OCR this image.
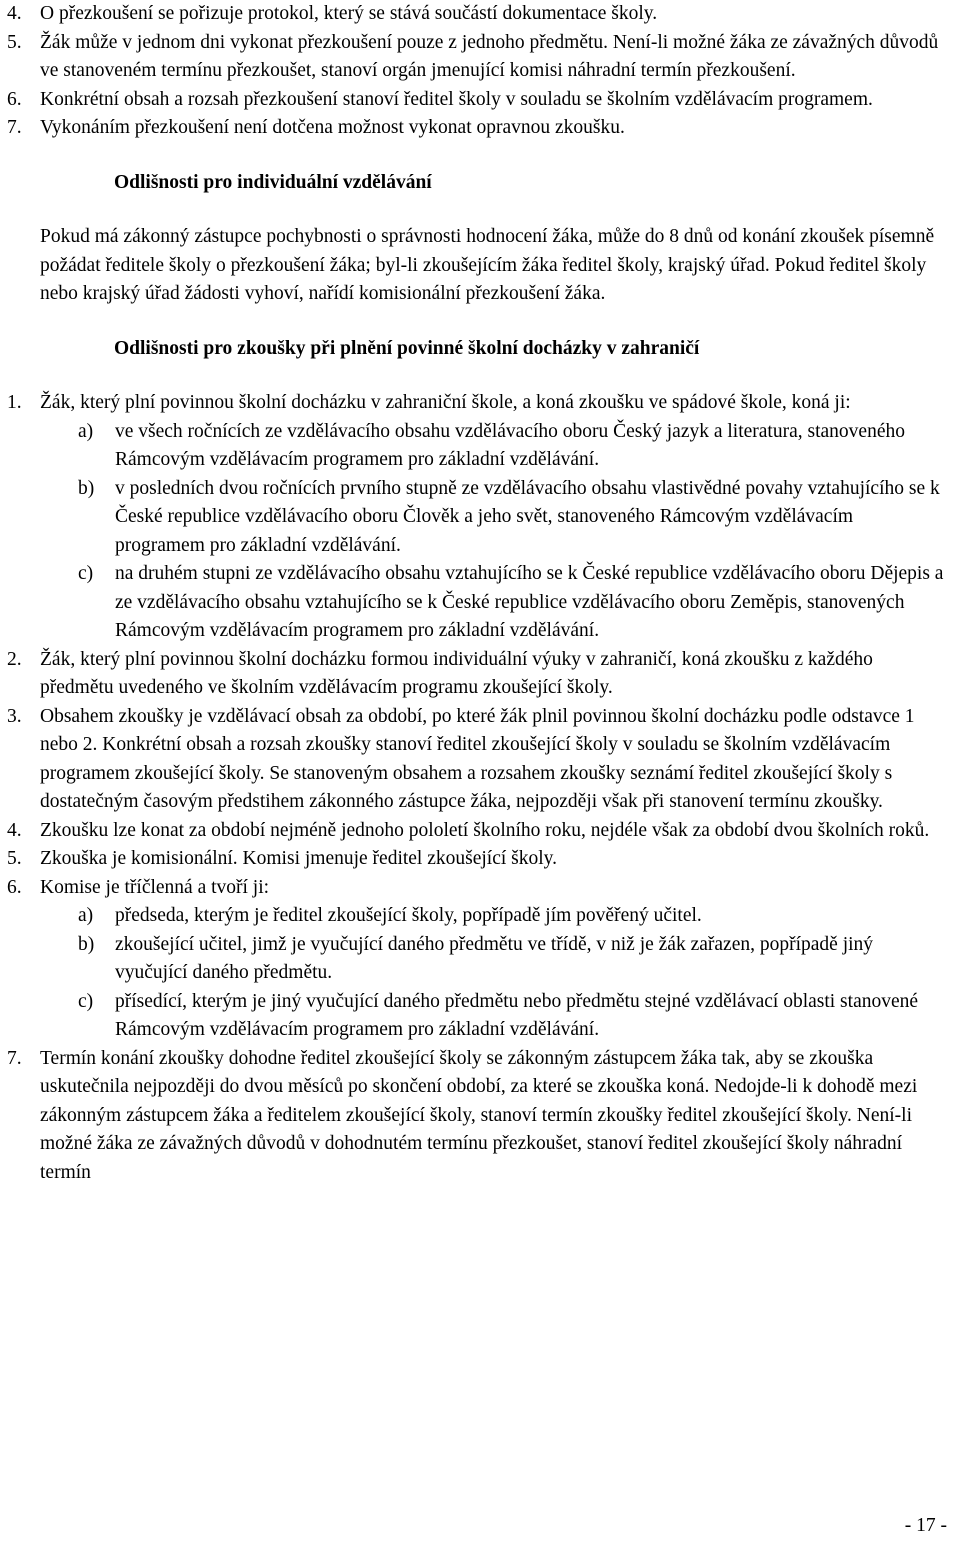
4. O přezkoušení se pořizuje protokol, který se stává součástí dokumentace školy.
5. Žák může v jednom dni vykonat přezkoušení pouze z jednoho předmětu. Není-li možné žáka ze závažných důvodů ve stanoveném termínu přezkoušet, stanoví orgán jmenující komisi náhradní termín přezkoušení.
6. Konkrétní obsah a rozsah přezkoušení stanoví ředitel školy v souladu se školním vzdělávacím programem.
7. Vykonáním přezkoušení není dotčena možnost vykonat opravnou zkoušku.
Odlišnosti pro individuální vzdělávání
Pokud má zákonný zástupce pochybnosti o správnosti hodnocení žáka, může do 8 dnů od konání zkoušek písemně požádat ředitele školy o přezkoušení žáka; byl-li zkoušejícím žáka ředitel školy, krajský úřad. Pokud ředitel školy nebo krajský úřad žádosti vyhoví, nařídí komisionální přezkoušení žáka.
Odlišnosti pro zkoušky při plnění povinné školní docházky v zahraničí
1. Žák, který plní povinnou školní docházku v zahraniční škole, a koná zkoušku ve spádové škole, koná ji:
a) ve všech ročnících ze vzdělávacího obsahu vzdělávacího oboru Český jazyk a literatura, stanoveného Rámcovým vzdělávacím programem pro základní vzdělávání.
b) v posledních dvou ročnících prvního stupně ze vzdělávacího obsahu vlastivědné povahy vztahujícího se k České republice vzdělávacího oboru Člověk a jeho svět, stanoveného Rámcovým vzdělávacím programem pro základní vzdělávání.
c) na druhém stupni ze vzdělávacího obsahu vztahujícího se k České republice vzdělávacího oboru Dějepis a ze vzdělávacího obsahu vztahujícího se k České republice vzdělávacího oboru Zeměpis, stanovených Rámcovým vzdělávacím programem pro základní vzdělávání.
2. Žák, který plní povinnou školní docházku formou individuální výuky v zahraničí, koná zkoušku z každého předmětu uvedeného ve školním vzdělávacím programu zkoušející školy.
3. Obsahem zkoušky je vzdělávací obsah za období, po které žák plnil povinnou školní docházku podle odstavce 1 nebo 2. Konkrétní obsah a rozsah zkoušky stanoví ředitel zkoušející školy v souladu se školním vzdělávacím programem zkoušející školy. Se stanoveným obsahem a rozsahem zkoušky seznámí ředitel zkoušející školy s dostatečným časovým předstihem zákonného zástupce žáka, nejpozději však při stanovení termínu zkoušky.
4. Zkoušku lze konat za období nejméně jednoho pololetí školního roku, nejdéle však za období dvou školních roků.
5. Zkouška je komisionální. Komisi jmenuje ředitel zkoušející školy.
6. Komise je tříčlenná a tvoří ji:
a) předseda, kterým je ředitel zkoušející školy, popřípadě jím pověřený učitel.
b) zkoušející učitel, jimž je vyučující daného předmětu ve třídě, v niž je žák zařazen, popřípadě jiný vyučující daného předmětu.
c) přísedící, kterým je jiný vyučující daného předmětu nebo předmětu stejné vzdělávací oblasti stanovené Rámcovým vzdělávacím programem pro základní vzdělávání.
7. Termín konání zkoušky dohodne ředitel zkoušející školy se zákonným zástupcem žáka tak, aby se zkouška uskutečnila nejpozději do dvou měsíců po skončení období, za které se zkouška koná. Nedojde-li k dohodě mezi zákonným zástupcem žáka a ředitelem zkoušející školy, stanoví termín zkoušky ředitel zkoušející školy. Není-li možné žáka ze závažných důvodů v dohodnutém termínu přezkoušet, stanoví ředitel zkoušející školy náhradní termín
- 17 -
